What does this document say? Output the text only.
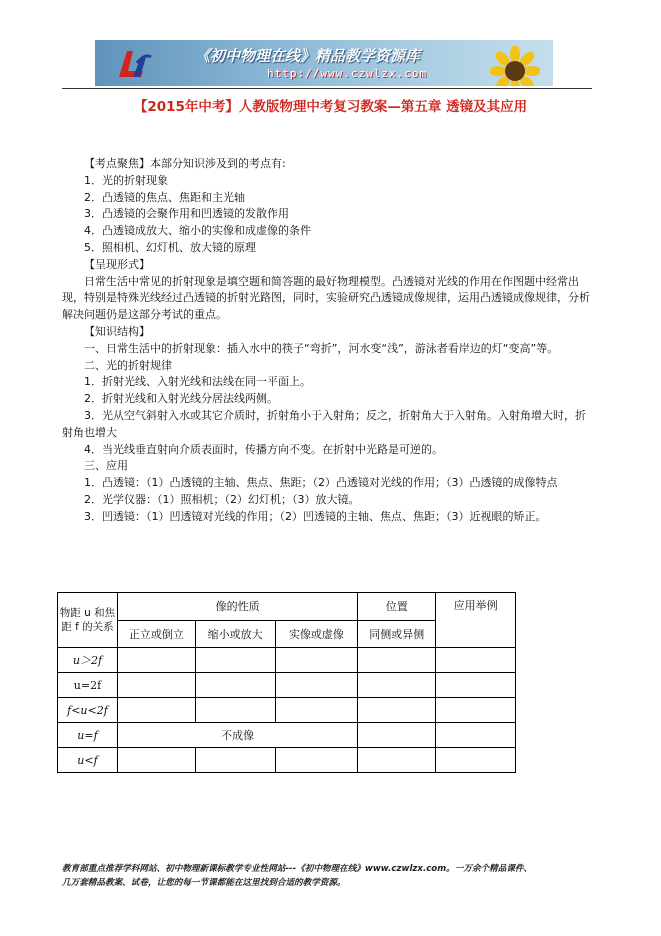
《初中物理在线》精品教学资源库
http://www.czwlzx.com
【2015年中考】人教版物理中考复习教案—第五章 透镜及其应用

【考点聚焦】本部分知识涉及到的考点有:

1．光的折射现象

2．凸透镜的焦点、焦距和主光轴

3．凸透镜的会聚作用和凹透镜的发散作用

4．凸透镜成放大、缩小的实像和成虚像的条件

5．照相机、幻灯机、放大镜的原理

【呈现形式】

日常生活中常见的折射现象是填空题和简答题的最好物理模型。凸透镜对光线的作用在作图题中经常出现，特别是特殊光线经过凸透镜的折射光路图，同时，实验研究凸透镜成像规律，运用凸透镜成像规律，分析解决问题仍是这部分考试的重点。

【知识结构】

一、日常生活中的折射现象：插入水中的筷子“弯折”，河水变“浅”，游泳者看岸边的灯“变高”等。

二、光的折射规律

1．折射光线、入射光线和法线在同一平面上。

2．折射光线和入射光线分居法线两侧。

3．光从空气斜射入水或其它介质时，折射角小于入射角；反之，折射角大于入射角。入射角增大时，折射角也增大

4．当光线垂直射向介质表面时，传播方向不变。在折射中光路是可逆的。

三、应用

1．凸透镜：（1）凸透镜的主轴、焦点、焦距；（2）凸透镜对光线的作用；（3）凸透镜的成像特点

2．光学仪器：（1）照相机；（2）幻灯机；（3）放大镜。

3．凹透镜：（1）凹透镜对光线的作用；（2）凹透镜的主轴、焦点、焦距；（3）近视眼的矫正。

物距 u 和焦距 f 的关系	像的性质			位置	应用举例
	正立或倒立	缩小或放大	实像或虚像	同侧或异侧	
u＞2f					
u=2f					
f<u<2f					
u=f	不成像				
u<f					
教育部重点推荐学科网站、初中物理新课标教学专业性网站---《初中物理在线》www.czwlzx.com。一万余个精品课件、
几万套精品教案、试卷，让您的每一节课都能在这里找到合适的教学资源。
